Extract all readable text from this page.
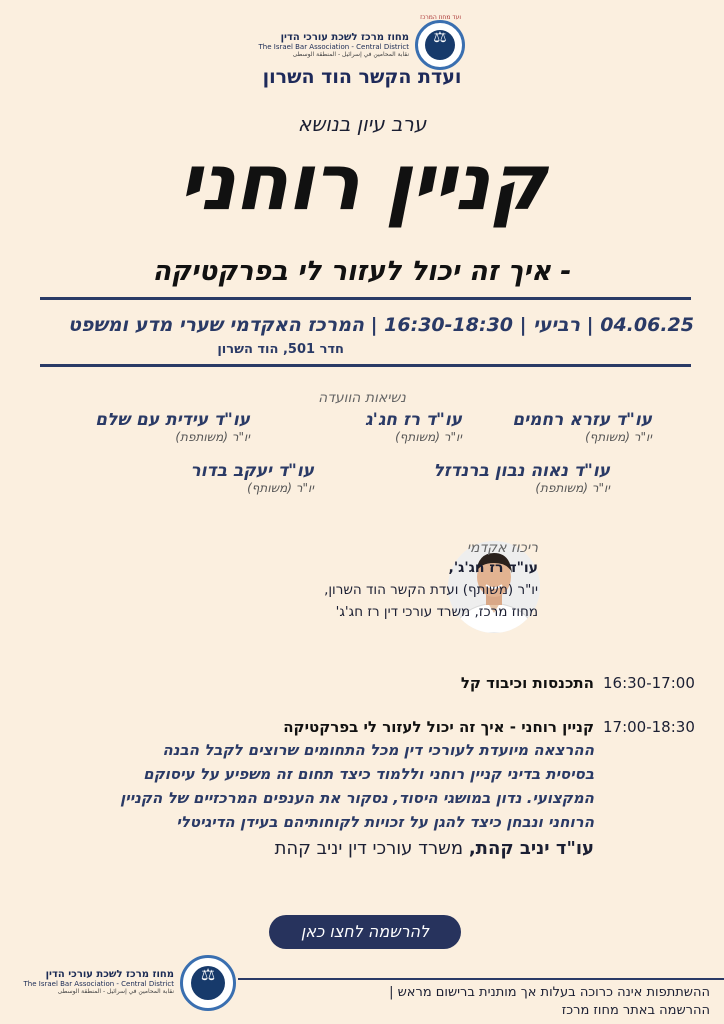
⚖
ועד מחוז המרכז
מחוז מרכז לשכת עורכי הדין
The Israel Bar Association - Central District
نقابة المحامين في إسرائيل - المنطقة الوسطى
ועדת הקשר הוד השרון
ערב עיון בנושא
קניין רוחני
- איך זה יכול לעזור לי בפרקטיקה
04.06.25 | רביעי | 16:30-18:30 | המרכז האקדמי שערי מדע ומשפט
חדר 501, הוד השרון
נשיאות הוועדה
עו"ד עזרא רחמים
יו"ר (משותף)
עו"ד רז חג'ג
יו"ר (משותף)
עו"ד עידית עם שלם
יו"ר (משותפת)
עו"ד נאוה נבון ברנדזל
יו"ר (משותפת)
עו"ד יעקב בדור
יו"ר (משותף)
ריכוז אקדמי
עו"ד רז חג'ג',
יו"ר (משותף) ועדת הקשר הוד השרון,
מחוז מרכז, משרד עורכי דין רז חג'ג'
16:30-17:00
התכנסות וכיבוד קל
17:00-18:30
קניין רוחני - איך זה יכול לעזור לי בפרקטיקה
ההרצאה מיועדת לעורכי דין מכל התחומים שרוצים לקבל הבנה
בסיסית בדיני קניין רוחני וללמוד כיצד תחום זה משפיע על עיסוקם
המקצועי. נדון במושגי היסוד, נסקור את הענפים המרכזיים של הקניין
הרוחני ונבחן כיצד להגן על זכויות לקוחותיהם בעידן הדיגיטלי
עו"ד יניב קהת, משרד עורכי דין יניב קהת
להרשמה לחצו כאן
⚖
מחוז מרכז לשכת עורכי הדין
The Israel Bar Association - Central District
نقابة المحامين في إسرائيل - المنطقة الوسطى	ההשתתפות אינה כרוכה בעלות אך מותנית ברישום מראש |
ההרשמה באתר מחוז מרכז
